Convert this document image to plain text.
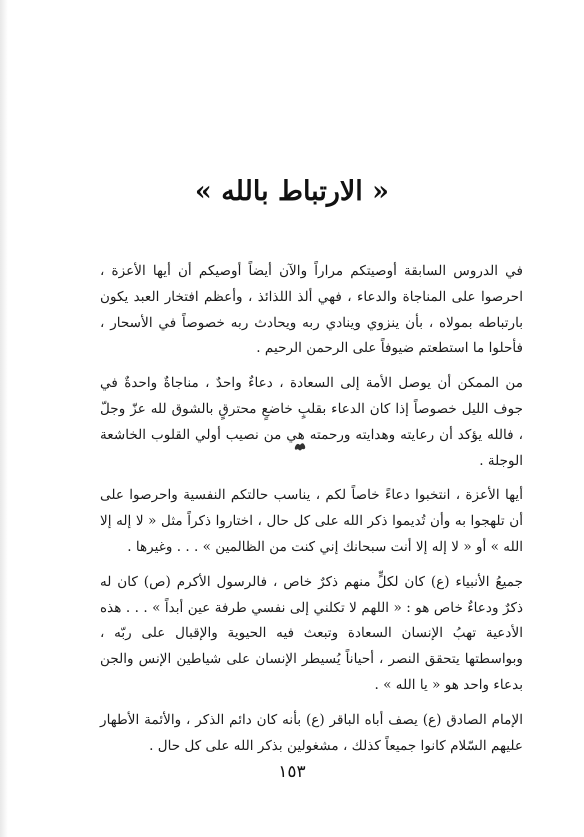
« الارتباط بالله »

في الدروس السابقة أوصيتكم مراراً والآن أيضاً أوصيكم أن أيها الأعزة ، احرصوا على المناجاة والدعاء ، فهي ألذ اللذائذ ، وأعظم افتخار العبد يكون بارتباطه بمولاه ، بأن ينزوي وينادي ربه ويحادث ربه خصوصاً في الأسحار ، فأحلوا ما استطعتم ضيوفاً على الرحمن الرحيم .

من الممكن أن يوصل الأمة إلى السعادة ، دعاءٌ واحدٌ ، مناجاةٌ واحدةٌ في جوف الليل خصوصاً إذا كان الدعاء بقلبٍ خاضعٍ محترقٍ بالشوق لله عزّ وجلّ ، فالله يؤكد أن رعايته وهدايته ورحمته هي من نصيب أولي القلوب الخاشعة الوجلة .

أيها الأعزة ، انتخبوا دعاءً خاصاً لكم ، يناسب حالتكم النفسية واحرصوا على أن تلهجوا به وأن تُديموا ذكر الله على كل حال ، اختاروا ذكراً مثل « لا إله إلا الله » أو « لا إله إلا أنت سبحانك إني كنت من الظالمين » . . . وغيرها .

جميعُ الأنبياء (ع) كان لكلٍّ منهم ذكرٌ خاص ، فالرسول الأكرم (ص) كان له ذكرٌ ودعاءٌ خاص هو : « اللهم لا تكلني إلى نفسي طرفة عين أبداً » . . . هذه الأدعية تهبُ الإنسان السعادة وتبعث فيه الحيوية والإقبال على ربّه ، وبواسطتها يتحقق النصر ، أحياناً يُسيطر الإنسان على شياطين الإنس والجن بدعاء واحد هو « يا الله » .

الإمام الصادق (ع) يصف أباه الباقر (ع) بأنه كان دائم الذكر ، والأئمة الأطهار عليهم السّلام كانوا جميعاً كذلك ، مشغولين بذكر الله على كل حال .

١٥٣
